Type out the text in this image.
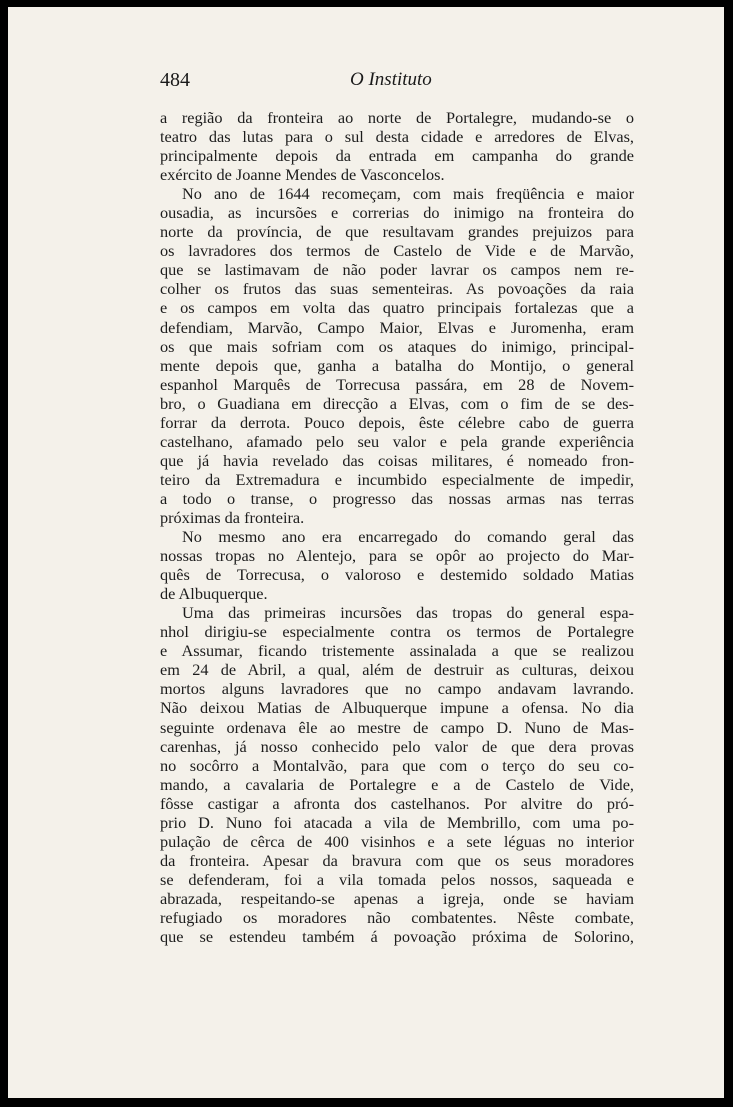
484	O Instituto
a região da fronteira ao norte de Portalegre, mudando-se o
teatro das lutas para o sul desta cidade e arredores de Elvas,
principalmente depois da entrada em campanha do grande
exército de Joanne Mendes de Vasconcelos.
No ano de 1644 recomeçam, com mais freqüência e maior
ousadia, as incursões e correrias do inimigo na fronteira do
norte da província, de que resultavam grandes prejuizos para
os lavradores dos termos de Castelo de Vide e de Marvão,
que se lastimavam de não poder lavrar os campos nem re-
colher os frutos das suas sementeiras. As povoações da raia
e os campos em volta das quatro principais fortalezas que a
defendiam, Marvão, Campo Maior, Elvas e Juromenha, eram
os que mais sofriam com os ataques do inimigo, principal-
mente depois que, ganha a batalha do Montijo, o general
espanhol Marquês de Torrecusa passára, em 28 de Novem-
bro, o Guadiana em direcção a Elvas, com o fim de se des-
forrar da derrota. Pouco depois, êste célebre cabo de guerra
castelhano, afamado pelo seu valor e pela grande experiência
que já havia revelado das coisas militares, é nomeado fron-
teiro da Extremadura e incumbido especialmente de impedir,
a todo o transe, o progresso das nossas armas nas terras
próximas da fronteira.
No mesmo ano era encarregado do comando geral das
nossas tropas no Alentejo, para se opôr ao projecto do Mar-
quês de Torrecusa, o valoroso e destemido soldado Matias
de Albuquerque.
Uma das primeiras incursões das tropas do general espa-
nhol dirigiu-se especialmente contra os termos de Portalegre
e Assumar, ficando tristemente assinalada a que se realizou
em 24 de Abril, a qual, além de destruir as culturas, deixou
mortos alguns lavradores que no campo andavam lavrando.
Não deixou Matias de Albuquerque impune a ofensa. No dia
seguinte ordenava êle ao mestre de campo D. Nuno de Mas-
carenhas, já nosso conhecido pelo valor de que dera provas
no socôrro a Montalvão, para que com o terço do seu co-
mando, a cavalaria de Portalegre e a de Castelo de Vide,
fôsse castigar a afronta dos castelhanos. Por alvitre do pró-
prio D. Nuno foi atacada a vila de Membrillo, com uma po-
pulação de cêrca de 400 visinhos e a sete léguas no interior
da fronteira. Apesar da bravura com que os seus moradores
se defenderam, foi a vila tomada pelos nossos, saqueada e
abrazada, respeitando-se apenas a igreja, onde se haviam
refugiado os moradores não combatentes. Nêste combate,
que se estendeu também á povoação próxima de Solorino,
